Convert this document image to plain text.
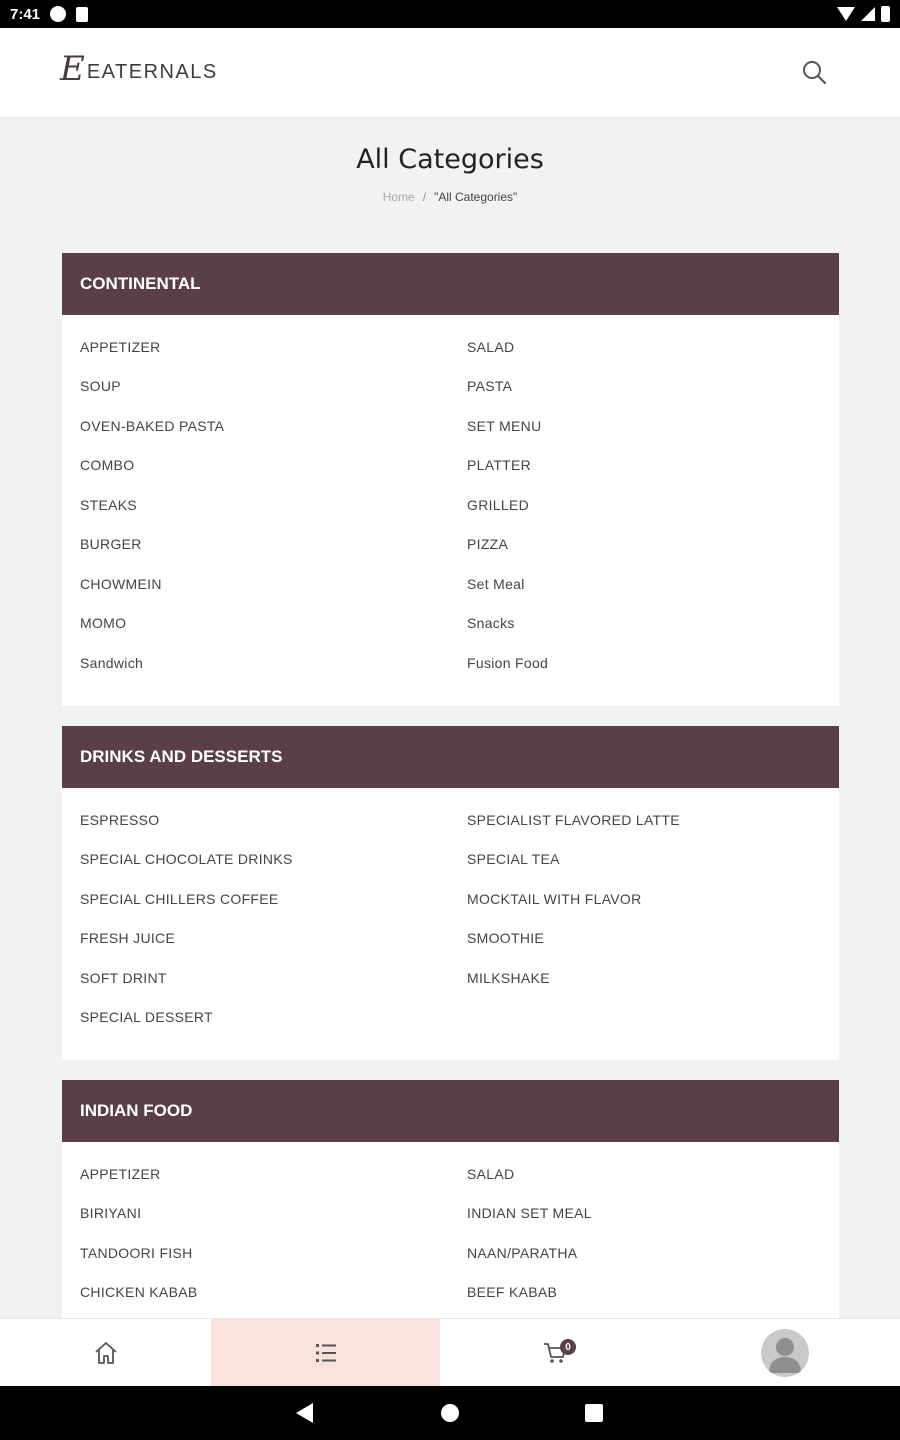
7:41
E EATERNALS
All Categories
Home / "All Categories"
CONTINENTAL
APPETIZER	SALAD
SOUP	PASTA
OVEN-BAKED PASTA	SET MENU
COMBO	PLATTER
STEAKS	GRILLED
BURGER	PIZZA
CHOWMEIN	Set Meal
MOMO	Snacks
Sandwich	Fusion Food
DRINKS AND DESSERTS
ESPRESSO	SPECIALIST FLAVORED LATTE
SPECIAL CHOCOLATE DRINKS	SPECIAL TEA
SPECIAL CHILLERS COFFEE	MOCKTAIL WITH FLAVOR
FRESH JUICE	SMOOTHIE
SOFT DRINT	MILKSHAKE
SPECIAL DESSERT
INDIAN FOOD
APPETIZER	SALAD
BIRIYANI	INDIAN SET MEAL
TANDOORI FISH	NAAN/PARATHA
CHICKEN KABAB	BEEF KABAB
0
